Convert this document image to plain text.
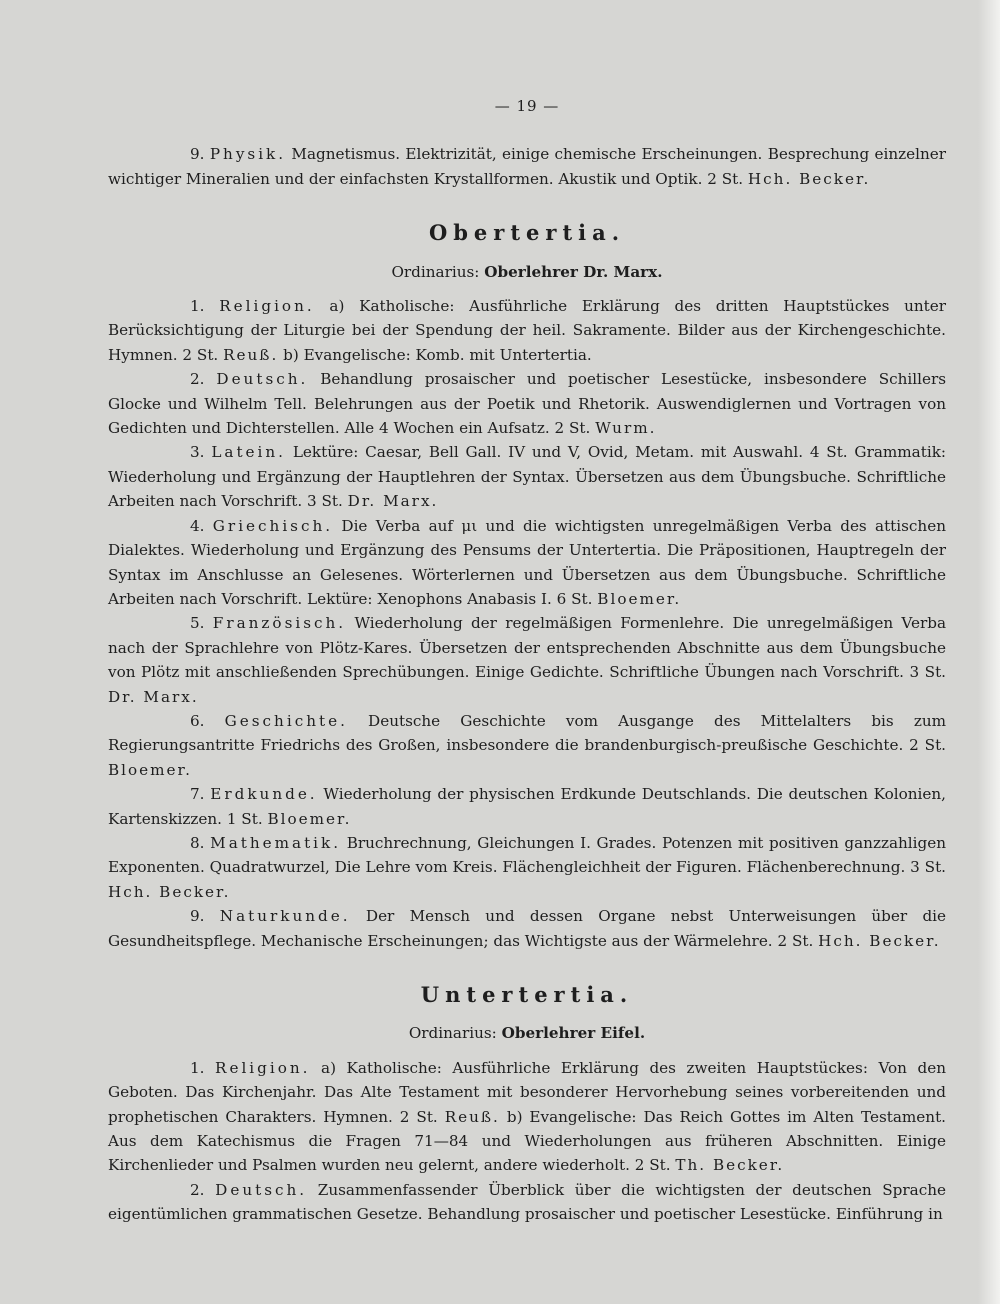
— 19 —

9. Physik. Magnetismus. Elektrizität, einige chemische Erscheinungen. Besprechung einzelner wichtiger Mineralien und der einfachsten Krystallformen. Akustik und Optik. 2 St. Hch. Becker.

Obertertia.
Ordinarius: Oberlehrer Dr. Marx.

1. Religion. a) Katholische: Ausführliche Erklärung des dritten Hauptstückes unter Berücksichtigung der Liturgie bei der Spendung der heil. Sakramente. Bilder aus der Kirchengeschichte. Hymnen. 2 St. Reuß. b) Evangelische: Komb. mit Untertertia.

2. Deutsch. Behandlung prosaischer und poetischer Lesestücke, insbesondere Schillers Glocke und Wilhelm Tell. Belehrungen aus der Poetik und Rhetorik. Auswendiglernen und Vortragen von Gedichten und Dichterstellen. Alle 4 Wochen ein Aufsatz. 2 St. Wurm.

3. Latein. Lektüre: Caesar, Bell Gall. IV und V, Ovid, Metam. mit Auswahl. 4 St. Grammatik: Wiederholung und Ergänzung der Hauptlehren der Syntax. Übersetzen aus dem Übungsbuche. Schriftliche Arbeiten nach Vorschrift. 3 St. Dr. Marx.

4. Griechisch. Die Verba auf μι und die wichtigsten unregelmäßigen Verba des attischen Dialektes. Wiederholung und Ergänzung des Pensums der Untertertia. Die Präpositionen, Hauptregeln der Syntax im Anschlusse an Gelesenes. Wörterlernen und Übersetzen aus dem Übungsbuche. Schriftliche Arbeiten nach Vorschrift. Lektüre: Xenophons Anabasis I. 6 St. Bloemer.

5. Französisch. Wiederholung der regelmäßigen Formenlehre. Die unregelmäßigen Verba nach der Sprachlehre von Plötz-Kares. Übersetzen der entsprechenden Abschnitte aus dem Übungsbuche von Plötz mit anschließenden Sprechübungen. Einige Gedichte. Schriftliche Übungen nach Vorschrift. 3 St. Dr. Marx.

6. Geschichte. Deutsche Geschichte vom Ausgange des Mittelalters bis zum Regierungsantritte Friedrichs des Großen, insbesondere die brandenburgisch-preußische Geschichte. 2 St. Bloemer.

7. Erdkunde. Wiederholung der physischen Erdkunde Deutschlands. Die deutschen Kolonien, Kartenskizzen. 1 St. Bloemer.

8. Mathematik. Bruchrechnung, Gleichungen I. Grades. Potenzen mit positiven ganzzahligen Exponenten. Quadratwurzel, Die Lehre vom Kreis. Flächengleichheit der Figuren. Flächenberechnung. 3 St. Hch. Becker.

9. Naturkunde. Der Mensch und dessen Organe nebst Unterweisungen über die Gesundheitspflege. Mechanische Erscheinungen; das Wichtigste aus der Wärmelehre. 2 St. Hch. Becker.

Untertertia.
Ordinarius: Oberlehrer Eifel.

1. Religion. a) Katholische: Ausführliche Erklärung des zweiten Hauptstückes: Von den Geboten. Das Kirchenjahr. Das Alte Testament mit besonderer Hervorhebung seines vorbereitenden und prophetischen Charakters. Hymnen. 2 St. Reuß. b) Evangelische: Das Reich Gottes im Alten Testament. Aus dem Katechismus die Fragen 71—84 und Wiederholungen aus früheren Abschnitten. Einige Kirchenlieder und Psalmen wurden neu gelernt, andere wiederholt. 2 St. Th. Becker.

2. Deutsch. Zusammenfassender Überblick über die wichtigsten der deutschen Sprache eigentümlichen grammatischen Gesetze. Behandlung prosaischer und poetischer Lesestücke. Einführung in
